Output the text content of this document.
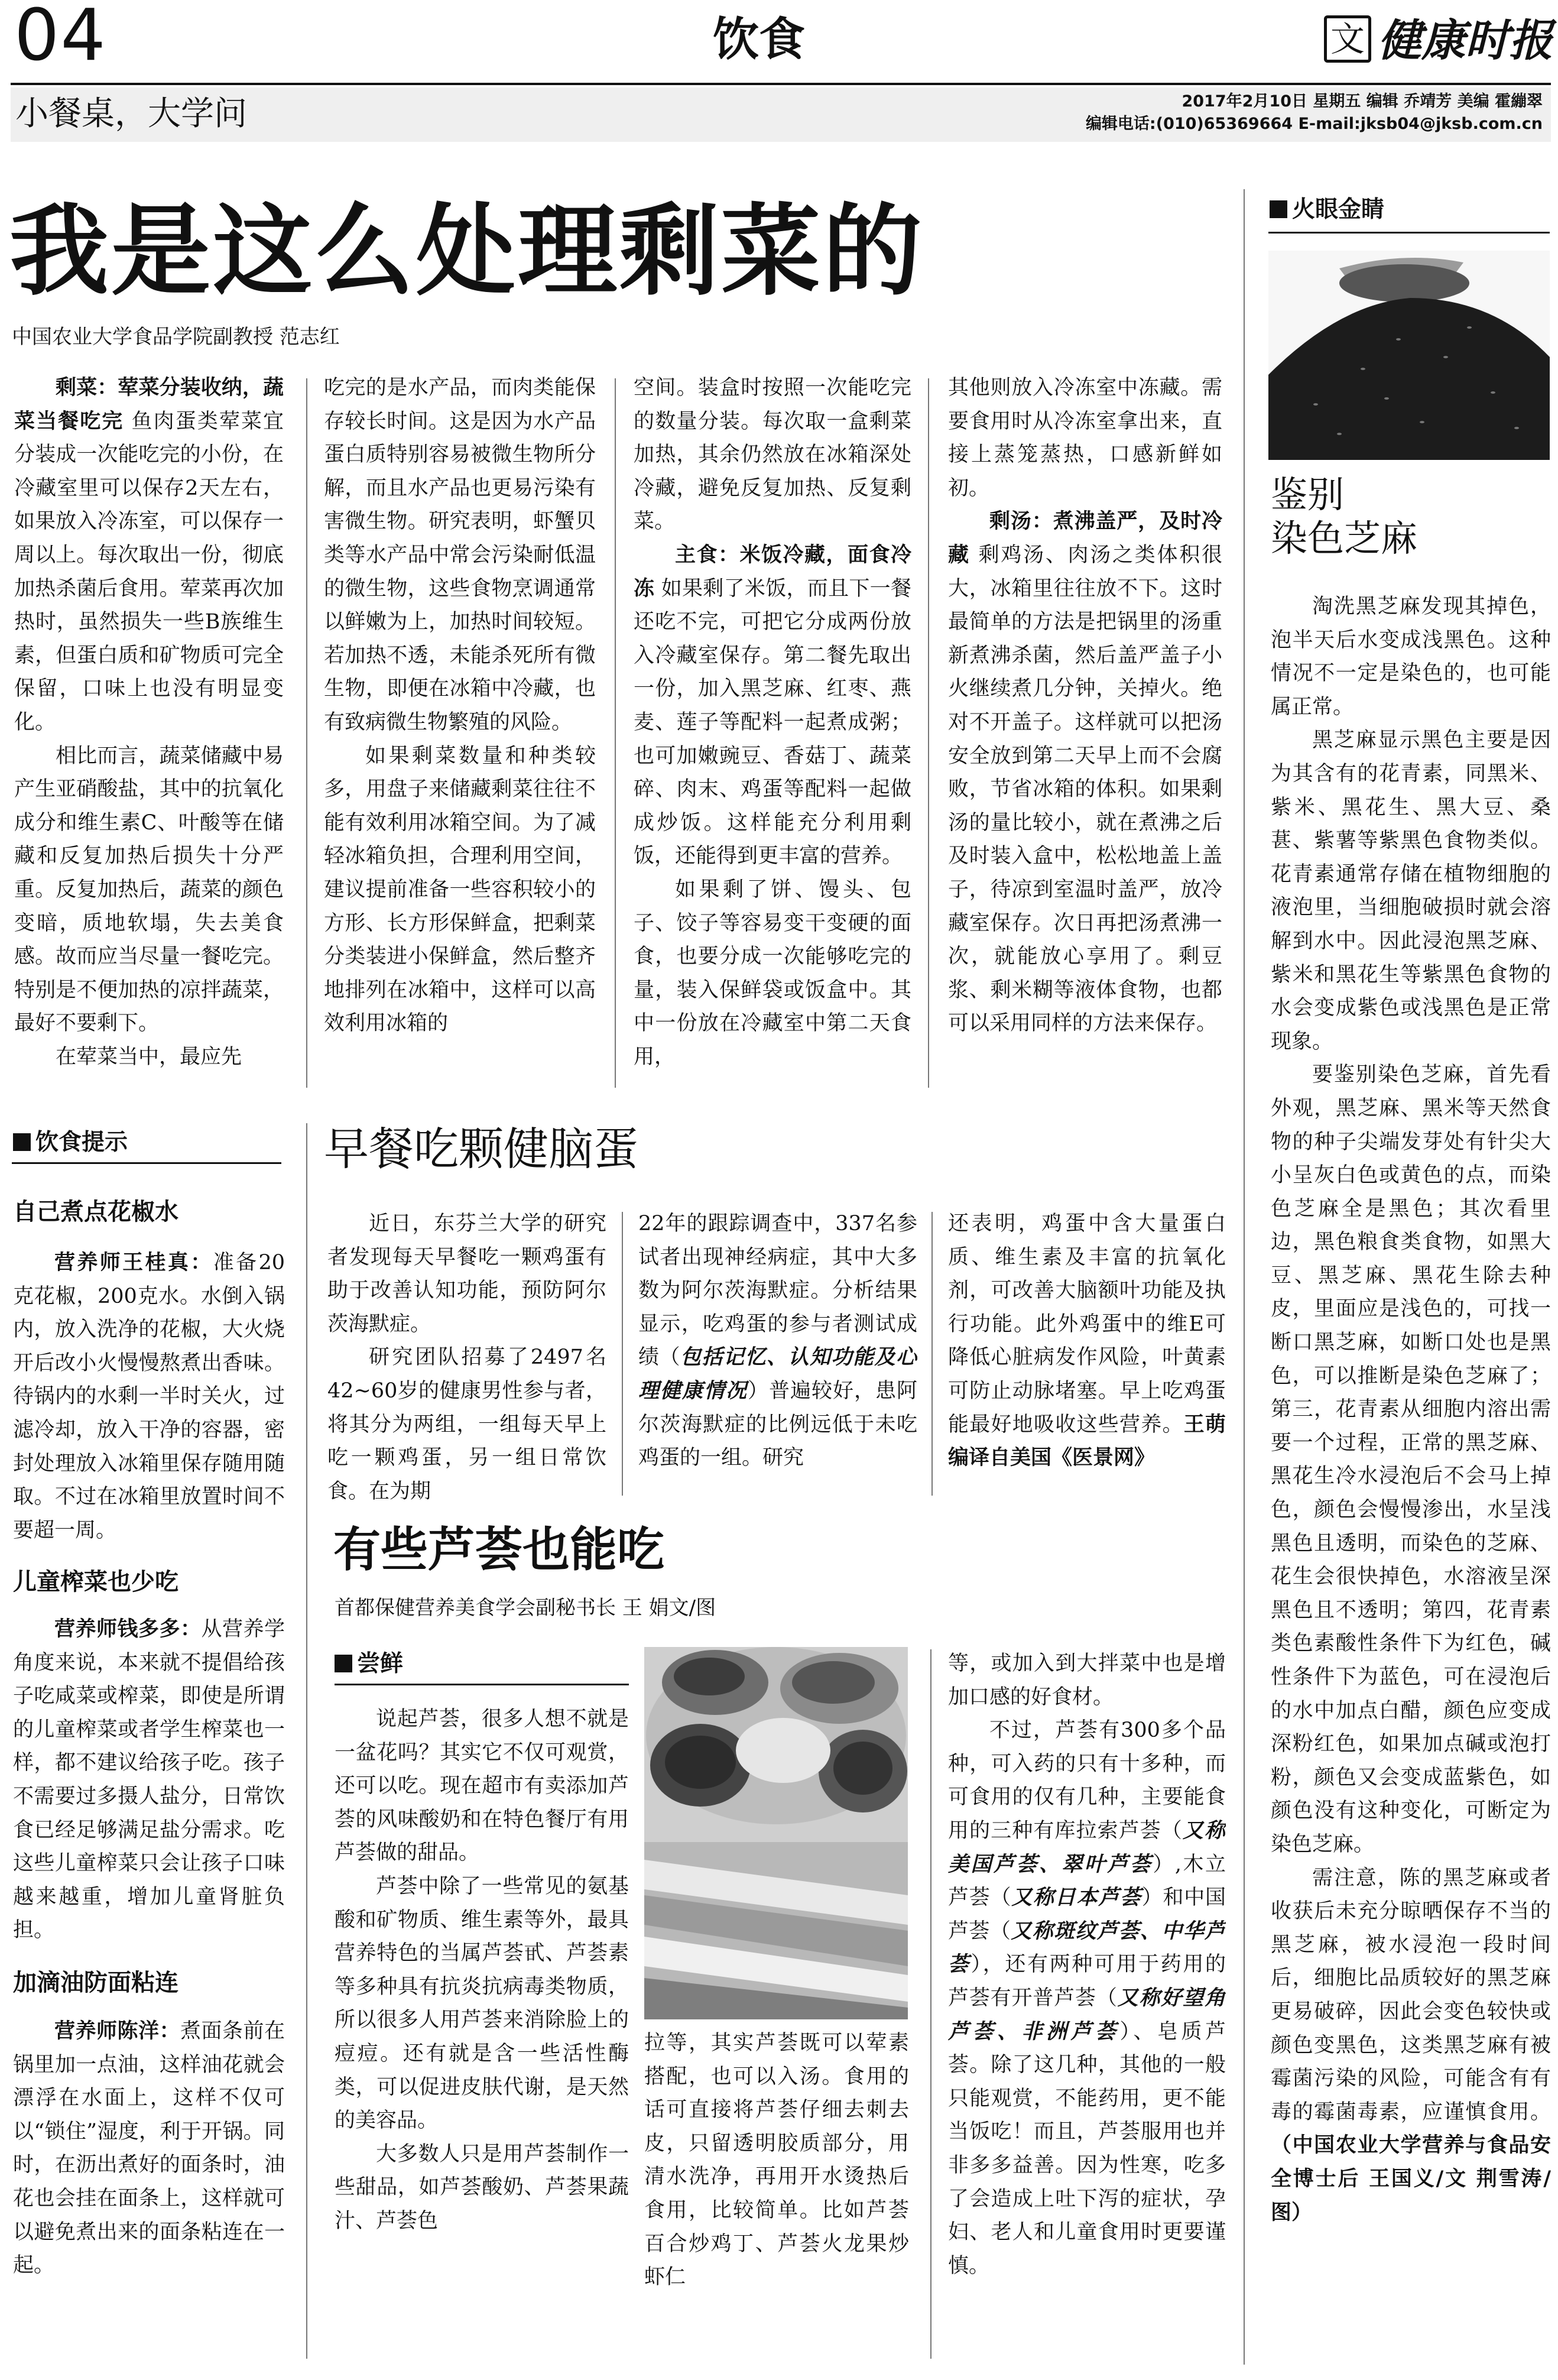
04	饮食	文 健康时报
小餐桌，大学问	2017年2月10日 星期五 编辑 乔靖芳 美编 霍繃翠
编辑电话:(010)65369664 E-mail:jksb04@jksb.com.cn
我是这么处理剩菜的
中国农业大学食品学院副教授 范志红

剩菜：荤菜分装收纳，蔬菜当餐吃完 鱼肉蛋类荤菜宜分装成一次能吃完的小份，在冷藏室里可以保存2天左右，如果放入冷冻室，可以保存一周以上。每次取出一份，彻底加热杀菌后食用。荤菜再次加热时，虽然损失一些B族维生素，但蛋白质和矿物质可完全保留，口味上也没有明显变化。

相比而言，蔬菜储藏中易产生亚硝酸盐，其中的抗氧化成分和维生素C、叶酸等在储藏和反复加热后损失十分严重。反复加热后，蔬菜的颜色变暗，质地软塌，失去美食感。故而应当尽量一餐吃完。特别是不便加热的凉拌蔬菜，最好不要剩下。

在荤菜当中，最应先

吃完的是水产品，而肉类能保存较长时间。这是因为水产品蛋白质特别容易被微生物所分解，而且水产品也更易污染有害微生物。研究表明，虾蟹贝类等水产品中常会污染耐低温的微生物，这些食物烹调通常以鲜嫩为上，加热时间较短。若加热不透，未能杀死所有微生物，即便在冰箱中冷藏，也有致病微生物繁殖的风险。

如果剩菜数量和种类较多，用盘子来储藏剩菜往往不能有效利用冰箱空间。为了减轻冰箱负担，合理利用空间，建议提前准备一些容积较小的方形、长方形保鲜盒，把剩菜分类装进小保鲜盒，然后整齐地排列在冰箱中，这样可以高效利用冰箱的

空间。装盒时按照一次能吃完的数量分装。每次取一盒剩菜加热，其余仍然放在冰箱深处冷藏，避免反复加热、反复剩菜。

主食：米饭冷藏，面食冷冻 如果剩了米饭，而且下一餐还吃不完，可把它分成两份放入冷藏室保存。第二餐先取出一份，加入黑芝麻、红枣、燕麦、莲子等配料一起煮成粥；也可加嫩豌豆、香菇丁、蔬菜碎、肉末、鸡蛋等配料一起做成炒饭。这样能充分利用剩饭，还能得到更丰富的营养。

如果剩了饼、馒头、包子、饺子等容易变干变硬的面食，也要分成一次能够吃完的量，装入保鲜袋或饭盒中。其中一份放在冷藏室中第二天食用，

其他则放入冷冻室中冻藏。需要食用时从冷冻室拿出来，直接上蒸笼蒸热，口感新鲜如初。

剩汤：煮沸盖严，及时冷藏 剩鸡汤、肉汤之类体积很大，冰箱里往往放不下。这时最简单的方法是把锅里的汤重新煮沸杀菌，然后盖严盖子小火继续煮几分钟，关掉火。绝对不开盖子。这样就可以把汤安全放到第二天早上而不会腐败，节省冰箱的体积。如果剩汤的量比较小，就在煮沸之后及时装入盒中，松松地盖上盖子，待凉到室温时盖严，放冷藏室保存。次日再把汤煮沸一次，就能放心享用了。剩豆浆、剩米糊等液体食物，也都可以采用同样的方法来保存。

饮食提示
自己煮点花椒水

营养师王桂真：准备20克花椒，200克水。水倒入锅内，放入洗净的花椒，大火烧开后改小火慢慢熬煮出香味。待锅内的水剩一半时关火，过滤冷却，放入干净的容器，密封处理放入冰箱里保存随用随取。不过在冰箱里放置时间不要超一周。

儿童榨菜也少吃

营养师钱多多：从营养学角度来说，本来就不提倡给孩子吃咸菜或榨菜，即使是所谓的儿童榨菜或者学生榨菜也一样，都不建议给孩子吃。孩子不需要过多摄人盐分，日常饮食已经足够满足盐分需求。吃这些儿童榨菜只会让孩子口味越来越重，增加儿童肾脏负担。

加滴油防面粘连

营养师陈洋：煮面条前在锅里加一点油，这样油花就会漂浮在水面上，这样不仅可以“锁住”湿度，利于开锅。同时，在沥出煮好的面条时，油花也会挂在面条上，这样就可以避免煮出来的面条粘连在一起。

早餐吃颗健脑蛋

近日，东芬兰大学的研究者发现每天早餐吃一颗鸡蛋有助于改善认知功能，预防阿尔茨海默症。

研究团队招募了2497名42~60岁的健康男性参与者，将其分为两组，一组每天早上吃一颗鸡蛋，另一组日常饮食。在为期

22年的跟踪调查中，337名参试者出现神经病症，其中大多数为阿尔茨海默症。分析结果显示，吃鸡蛋的参与者测试成绩（包括记忆、认知功能及心理健康情况）普遍较好，患阿尔茨海默症的比例远低于未吃鸡蛋的一组。研究

还表明，鸡蛋中含大量蛋白质、维生素及丰富的抗氧化剂，可改善大脑额叶功能及执行功能。此外鸡蛋中的维E可降低心脏病发作风险，叶黄素可防止动脉堵塞。早上吃鸡蛋能最好地吸收这些营养。王萌编译自美国《医景网》

有些芦荟也能吃
首都保健营养美食学会副秘书长 王 娟文/图
尝鲜

说起芦荟，很多人想不就是一盆花吗？其实它不仅可观赏，还可以吃。现在超市有卖添加芦荟的风味酸奶和在特色餐厅有用芦荟做的甜品。

芦荟中除了一些常见的氨基酸和矿物质、维生素等外，最具营养特色的当属芦荟甙、芦荟素等多种具有抗炎抗病毒类物质，所以很多人用芦荟来消除脸上的痘痘。还有就是含一些活性酶类，可以促进皮肤代谢，是天然的美容品。

大多数人只是用芦荟制作一些甜品，如芦荟酸奶、芦荟果蔬汁、芦荟色

拉等，其实芦荟既可以荤素搭配，也可以入汤。食用的话可直接将芦荟仔细去刺去皮，只留透明胶质部分，用清水洗净，再用开水烫热后食用，比较简单。比如芦荟百合炒鸡丁、芦荟火龙果炒虾仁

等，或加入到大拌菜中也是增加口感的好食材。

不过，芦荟有300多个品种，可入药的只有十多种，而可食用的仅有几种，主要能食用的三种有库拉索芦荟（又称美国芦荟、翠叶芦荟）,木立芦荟（又称日本芦荟）和中国芦荟（又称斑纹芦荟、中华芦荟），还有两种可用于药用的芦荟有开普芦荟（又称好望角芦荟、非洲芦荟）、皂质芦荟。除了这几种，其他的一般只能观赏，不能药用，更不能当饭吃！而且，芦荟服用也并非多多益善。因为性寒，吃多了会造成上吐下泻的症状，孕妇、老人和儿童食用时更要谨慎。

火眼金睛
鉴别
染色芝麻

淘洗黑芝麻发现其掉色，泡半天后水变成浅黑色。这种情况不一定是染色的，也可能属正常。

黑芝麻显示黑色主要是因为其含有的花青素，同黑米、紫米、黑花生、黑大豆、桑葚、紫薯等紫黑色食物类似。花青素通常存储在植物细胞的液泡里，当细胞破损时就会溶解到水中。因此浸泡黑芝麻、紫米和黑花生等紫黑色食物的水会变成紫色或浅黑色是正常现象。

要鉴别染色芝麻，首先看外观，黑芝麻、黑米等天然食物的种子尖端发芽处有针尖大小呈灰白色或黄色的点，而染色芝麻全是黑色；其次看里边，黑色粮食类食物，如黑大豆、黑芝麻、黑花生除去种皮，里面应是浅色的，可找一断口黑芝麻，如断口处也是黑色，可以推断是染色芝麻了；第三，花青素从细胞内溶出需要一个过程，正常的黑芝麻、黑花生冷水浸泡后不会马上掉色，颜色会慢慢渗出，水呈浅黑色且透明，而染色的芝麻、花生会很快掉色，水溶液呈深黑色且不透明；第四，花青素类色素酸性条件下为红色，碱性条件下为蓝色，可在浸泡后的水中加点白醋，颜色应变成深粉红色，如果加点碱或泡打粉，颜色又会变成蓝紫色，如颜色没有这种变化，可断定为染色芝麻。

需注意，陈的黑芝麻或者收获后未充分晾晒保存不当的黑芝麻，被水浸泡一段时间后，细胞比品质较好的黑芝麻更易破碎，因此会变色较快或颜色变黑色，这类黑芝麻有被霉菌污染的风险，可能含有有毒的霉菌毒素，应谨慎食用。（中国农业大学营养与食品安全博士后 王国义/文 荆雪涛/图）
